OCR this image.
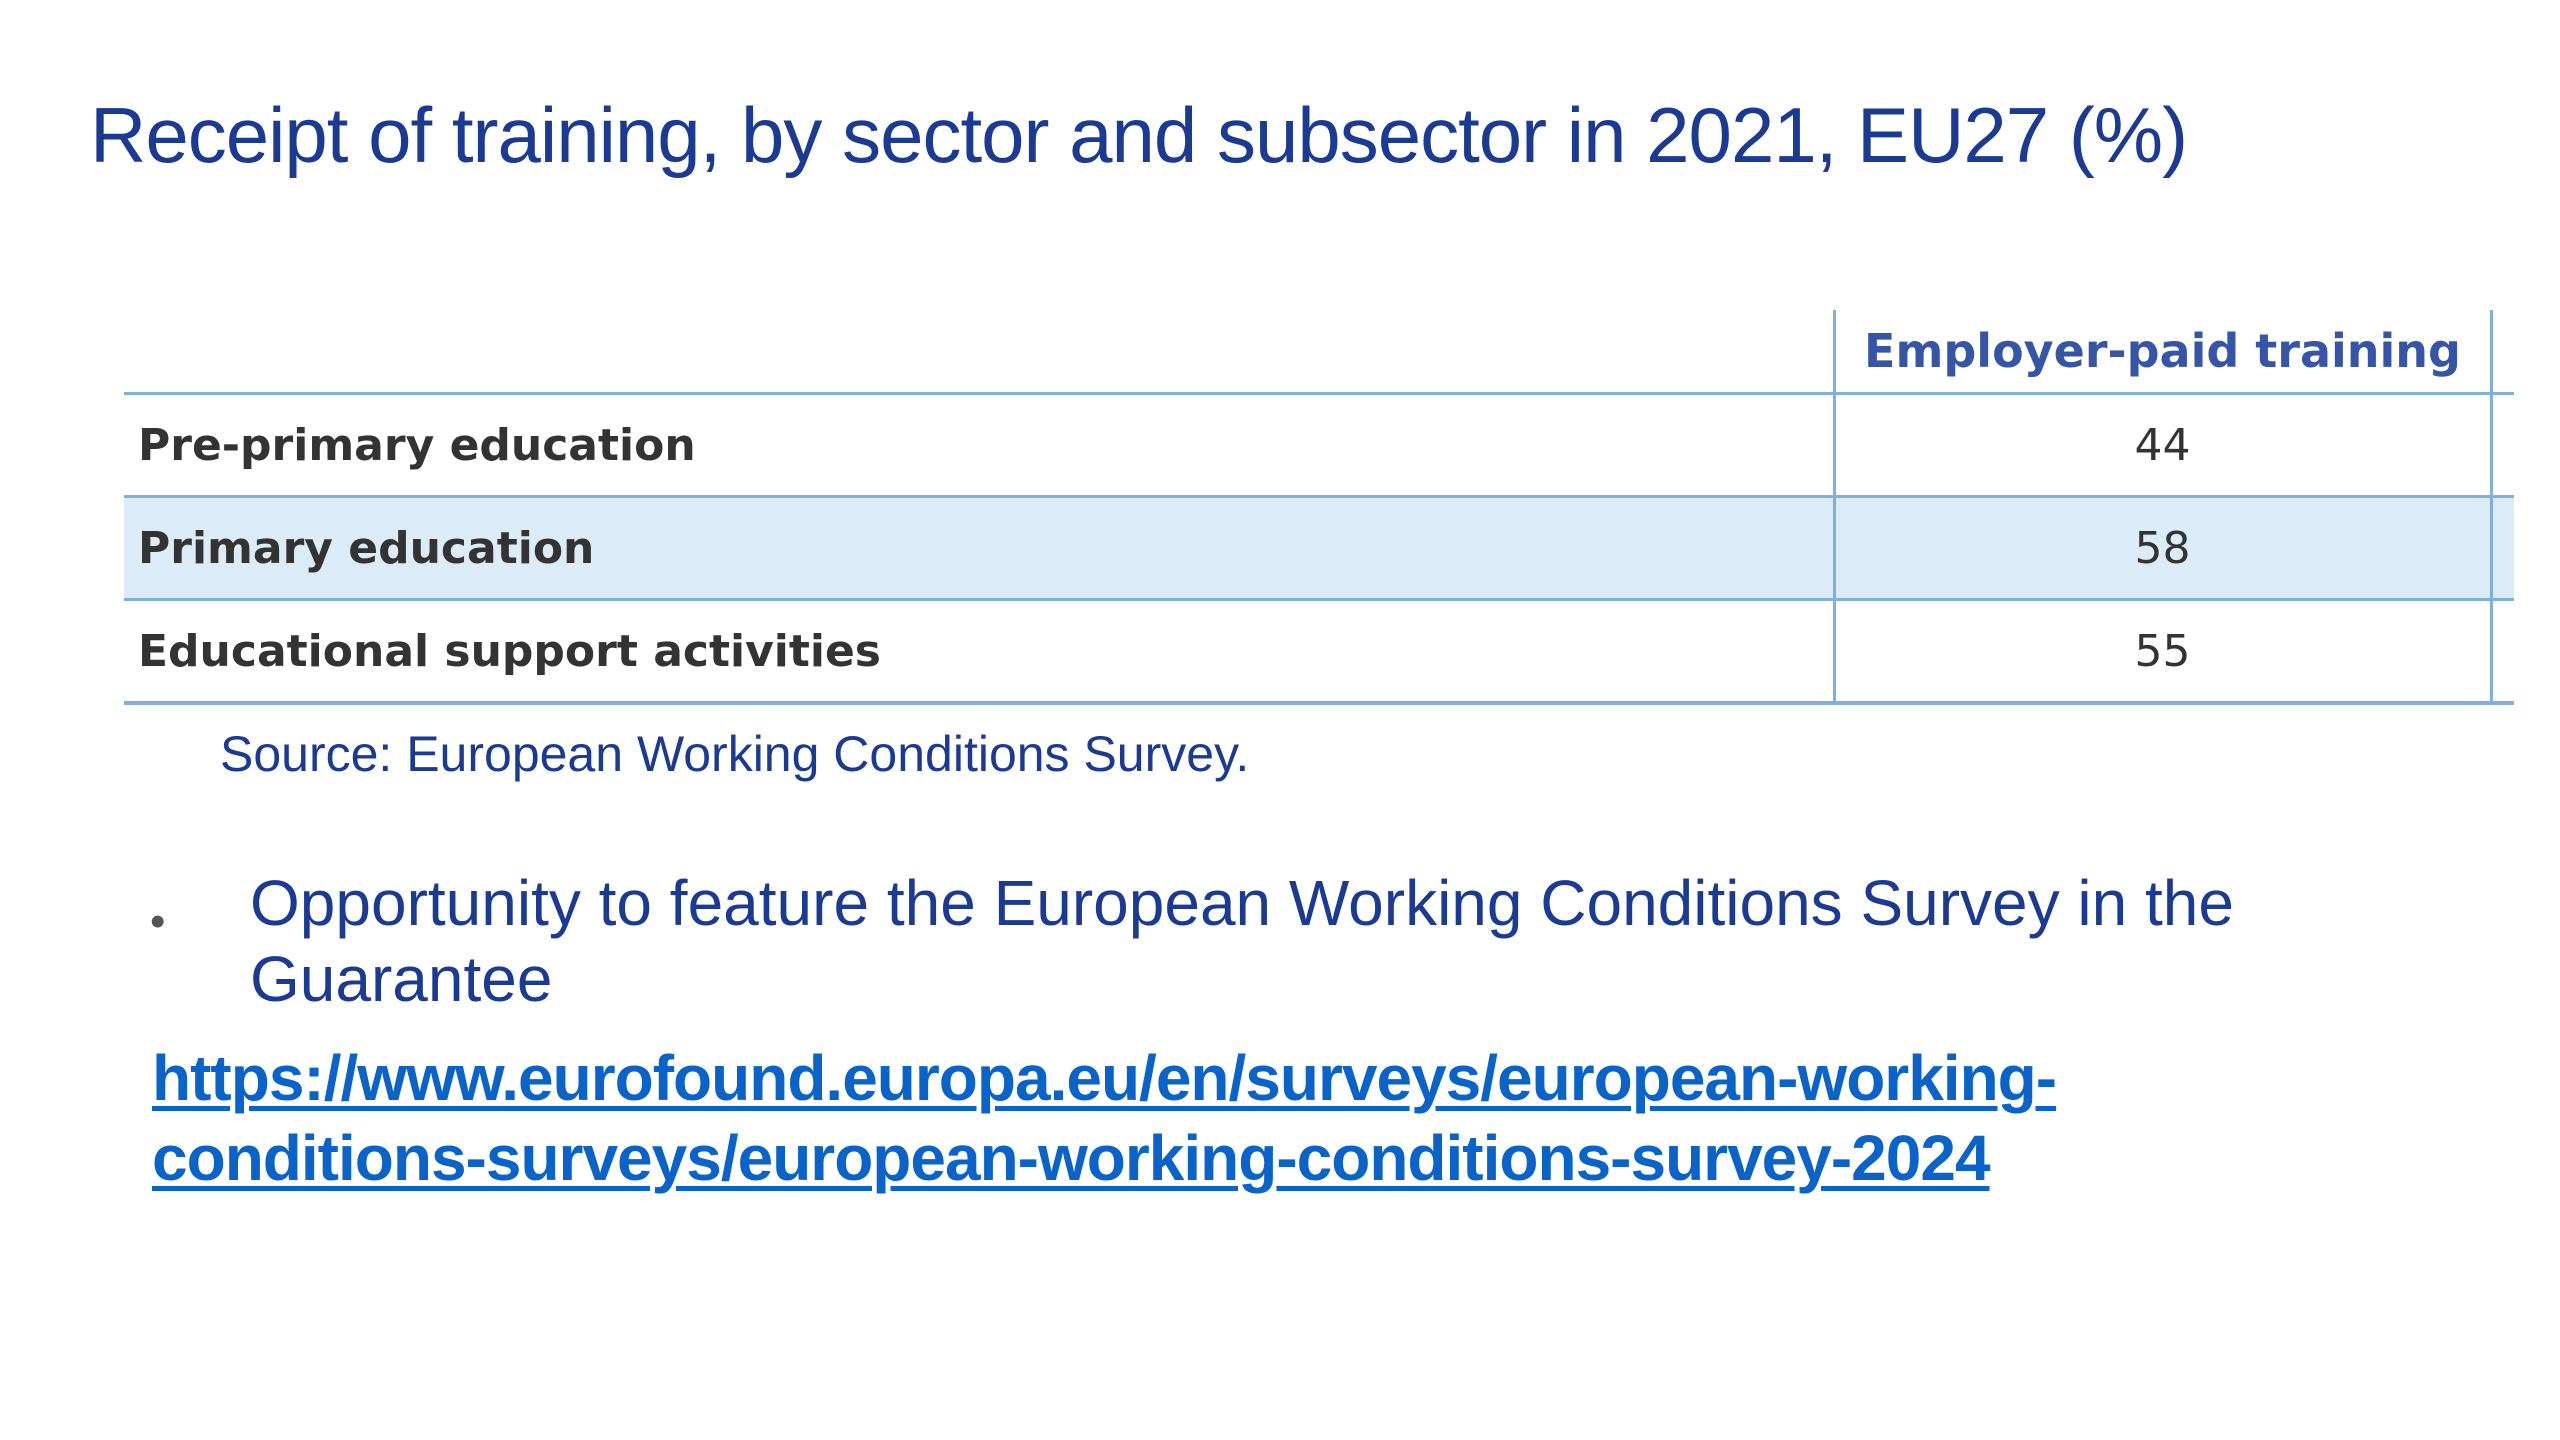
Receipt of training, by sector and subsector in 2021, EU27 (%)
	Employer-paid training	
Pre-primary education	44	
Primary education	58	
Educational support activities	55	
Source: European Working Conditions Survey.
• Opportunity to feature the European Working Conditions Survey in the Guarantee
https://www.eurofound.europa.eu/en/surveys/european-working-
conditions-surveys/european-working-conditions-survey-2024
